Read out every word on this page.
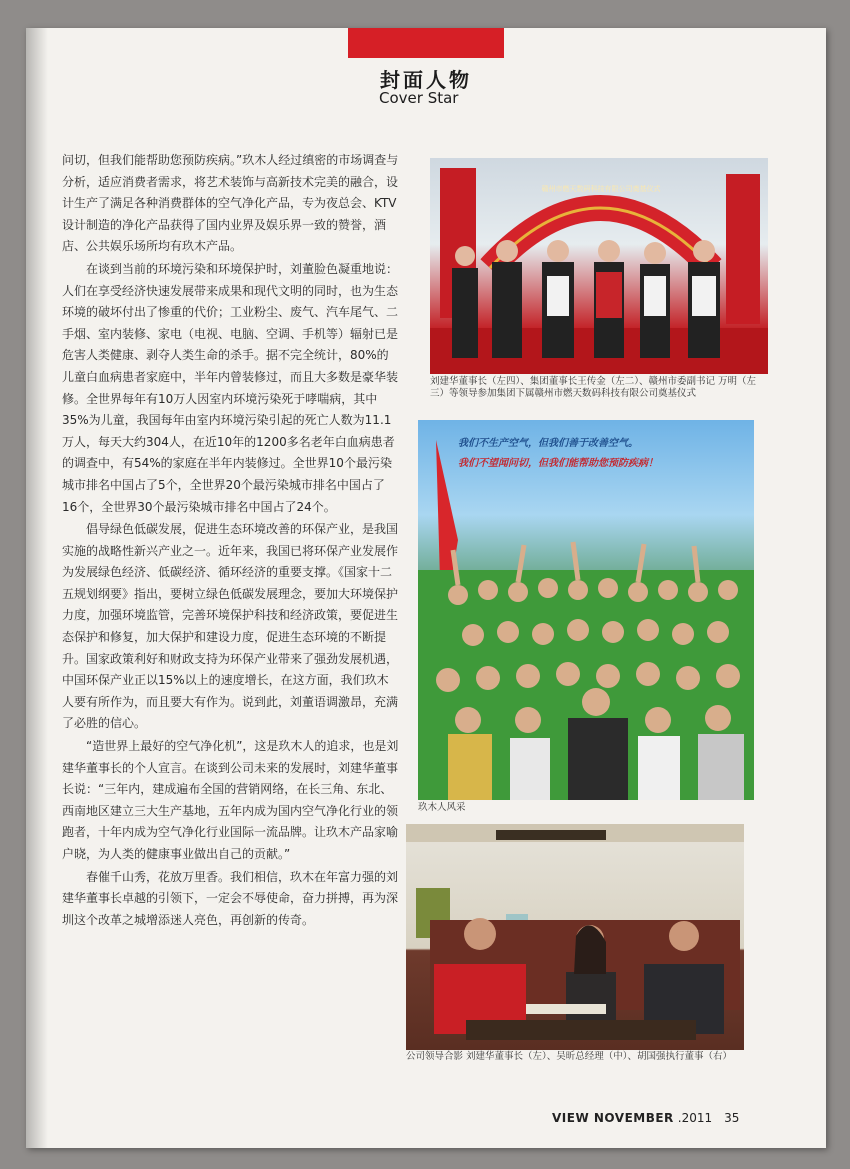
封面人物
Cover Star

问切，但我们能帮助您预防疾病。”玖木人经过缜密的市场调查与分析，适应消费者需求，将艺术装饰与高新技术完美的融合，设计生产了满足各种消费群体的空气净化产品，专为夜总会、KTV设计制造的净化产品获得了国内业界及娱乐界一致的赞誉，酒店、公共娱乐场所均有玖木产品。

在谈到当前的环境污染和环境保护时，刘董脸色凝重地说：人们在享受经济快速发展带来成果和现代文明的同时，也为生态环境的破坏付出了惨重的代价；工业粉尘、废气、汽车尾气、二手烟、室内装修、家电（电视、电脑、空调、手机等）辐射已是危害人类健康、剥夺人类生命的杀手。据不完全统计，80%的儿童白血病患者家庭中，半年内曾装修过，而且大多数是豪华装修。全世界每年有10万人因室内环境污染死于哮喘病，其中35%为儿童，我国每年由室内环境污染引起的死亡人数为11.1万人，每天大约304人，在近10年的1200多名老年白血病患者的调查中，有54%的家庭在半年内装修过。全世界10个最污染城市排名中国占了5个，全世界20个最污染城市排名中国占了16个，全世界30个最污染城市排名中国占了24个。

倡导绿色低碳发展，促进生态环境改善的环保产业，是我国实施的战略性新兴产业之一。近年来，我国已将环保产业发展作为发展绿色经济、低碳经济、循环经济的重要支撑。《国家十二五规划纲要》指出，要树立绿色低碳发展理念，要加大环境保护力度，加强环境监管，完善环境保护科技和经济政策，要促进生态保护和修复，加大保护和建设力度，促进生态环境的不断提升。国家政策利好和财政支持为环保产业带来了强劲发展机遇，中国环保产业正以15%以上的速度增长，在这方面，我们玖木人要有所作为，而且要大有作为。说到此，刘董语调激昂，充满了必胜的信心。

“造世界上最好的空气净化机”，这是玖木人的追求，也是刘建华董事长的个人宣言。在谈到公司未来的发展时，刘建华董事长说：“三年内，建成遍布全国的营销网络，在长三角、东北、西南地区建立三大生产基地，五年内成为国内空气净化行业的领跑者，十年内成为空气净化行业国际一流品牌。让玖木产品家喻户晓，为人类的健康事业做出自己的贡献。”

春催千山秀，花放万里香。我们相信，玖木在年富力强的刘建华董事长卓越的引领下，一定会不辱使命，奋力拼搏，再为深圳这个改革之城增添迷人亮色，再创新的传奇。

赣州市燃天数码科技有限公司奠基仪式
刘建华董事长（左四）、集团董事长王传金（左二）、赣州市委副书记 万明（左三）等领导参加集团下属赣州市燃天数码科技有限公司奠基仪式
我们不生产空气，但我们善于改善空气。
我们不望闻问切，但我们能帮助您预防疾病！
玖木人风采
公司领导合影 刘建华董事长（左）、吴昕总经理（中）、胡国强执行董事（右）
VIEW NOVEMBER .2011 35
